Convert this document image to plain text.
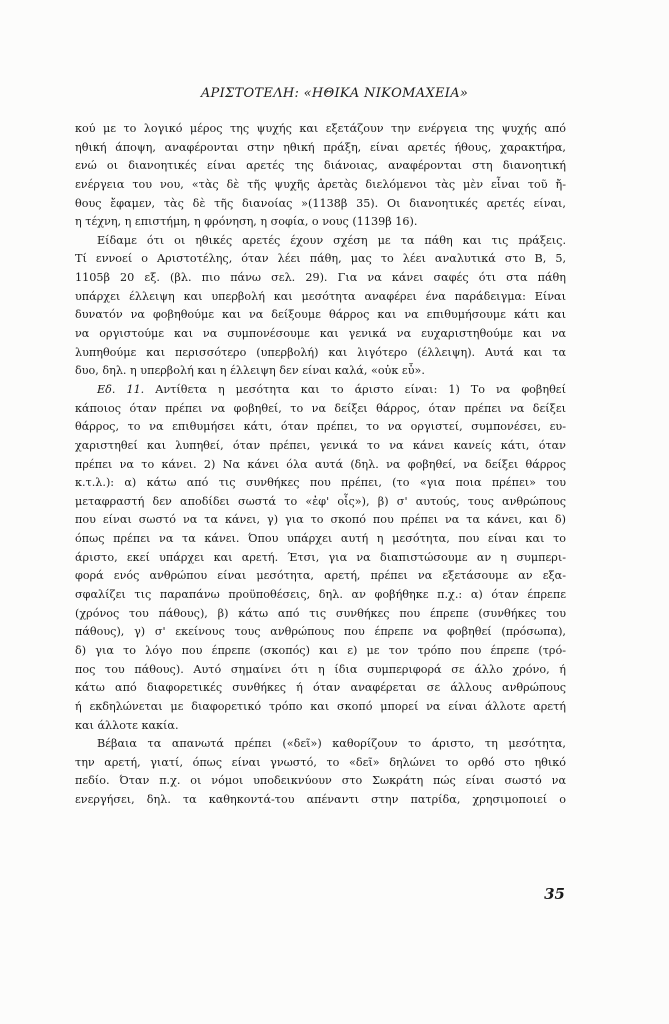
ΑΡΙΣΤΟΤΕΛΗ: «ΗΘΙΚΑ ΝΙΚΟΜΑΧΕΙΑ»
κού με το λογικό μέρος της ψυχής και εξετάζουν την ενέργεια της ψυχής από
ηθική άποψη, αναφέρονται στην ηθική πράξη, είναι αρετές ήθους, χαρακτήρα,
ενώ οι διανοητικές είναι αρετές της διάνοιας, αναφέρονται στη διανοητική
ενέργεια του νου, «τὰς δὲ τῆς ψυχῆς ἀρετὰς διελόμενοι τὰς μὲν εἶναι τοῦ ἤ-
θους ἔφαμεν, τὰς δὲ τῆς διανοίας »(1138β 35). Οι διανοητικές αρετές είναι,
η τέχνη, η επιστήμη, η φρόνηση, η σοφία, ο νους (1139β 16).
Είδαμε ότι οι ηθικές αρετές έχουν σχέση με τα πάθη και τις πράξεις.
Τί εννοεί ο Αριστοτέλης, όταν λέει πάθη, μας το λέει αναλυτικά στο Β, 5,
1105β 20 εξ. (βλ. πιο πάνω σελ. 29). Για να κάνει σαφές ότι στα πάθη
υπάρχει έλλειψη και υπερβολή και μεσότητα αναφέρει ένα παράδειγμα: Είναι
δυνατόν να φοβηθούμε και να δείξουμε θάρρος και να επιθυμήσουμε κάτι και
να οργιστούμε και να συμπονέσουμε και γενικά να ευχαριστηθούμε και να
λυπηθούμε και περισσότερο (υπερβολή) και λιγότερο (έλλειψη). Αυτά και τα
δυο, δηλ. η υπερβολή και η έλλειψη δεν είναι καλά, «οὐκ εὖ».
Εδ. 11. Αντίθετα η μεσότητα και το άριστο είναι: 1) Το να φοβηθεί
κάποιος όταν πρέπει να φοβηθεί, το να δείξει θάρρος, όταν πρέπει να δείξει
θάρρος, το να επιθυμήσει κάτι, όταν πρέπει, το να οργιστεί, συμπονέσει, ευ-
χαριστηθεί και λυπηθεί, όταν πρέπει, γενικά το να κάνει κανείς κάτι, όταν
πρέπει να το κάνει. 2) Να κάνει όλα αυτά (δηλ. να φοβηθεί, να δείξει θάρρος
κ.τ.λ.): α) κάτω από τις συνθήκες που πρέπει, (το «για ποια πρέπει» του
μεταφραστή δεν αποδίδει σωστά το «ἐφ' οἷς»), β) σ' αυτούς, τους ανθρώπους
που είναι σωστό να τα κάνει, γ) για το σκοπό που πρέπει να τα κάνει, και δ)
όπως πρέπει να τα κάνει. Όπου υπάρχει αυτή η μεσότητα, που είναι και το
άριστο, εκεί υπάρχει και αρετή. Έτσι, για να διαπιστώσουμε αν η συμπερι-
φορά ενός ανθρώπου είναι μεσότητα, αρετή, πρέπει να εξετάσουμε αν εξα-
σφαλίζει τις παραπάνω προϋποθέσεις, δηλ. αν φοβήθηκε π.χ.: α) όταν έπρεπε
(χρόνος του πάθους), β) κάτω από τις συνθήκες που έπρεπε (συνθήκες του
πάθους), γ) σ' εκείνους τους ανθρώπους που έπρεπε να φοβηθεί (πρόσωπα),
δ) για το λόγο που έπρεπε (σκοπός) και ε) με τον τρόπο που έπρεπε (τρό-
πος του πάθους). Αυτό σημαίνει ότι η ίδια συμπεριφορά σε άλλο χρόνο, ή
κάτω από διαφορετικές συνθήκες ή όταν αναφέρεται σε άλλους ανθρώπους
ή εκδηλώνεται με διαφορετικό τρόπο και σκοπό μπορεί να είναι άλλοτε αρετή
και άλλοτε κακία.
Βέβαια τα απανωτά πρέπει («δεῖ») καθορίζουν το άριστο, τη μεσότητα,
την αρετή, γιατί, όπως είναι γνωστό, το «δεῖ» δηλώνει το ορθό στο ηθικό
πεδίο. Όταν π.χ. οι νόμοι υποδεικνύουν στο Σωκράτη πώς είναι σωστό να
ενεργήσει, δηλ. τα καθηκοντά-του απέναντι στην πατρίδα, χρησιμοποιεί ο
35
